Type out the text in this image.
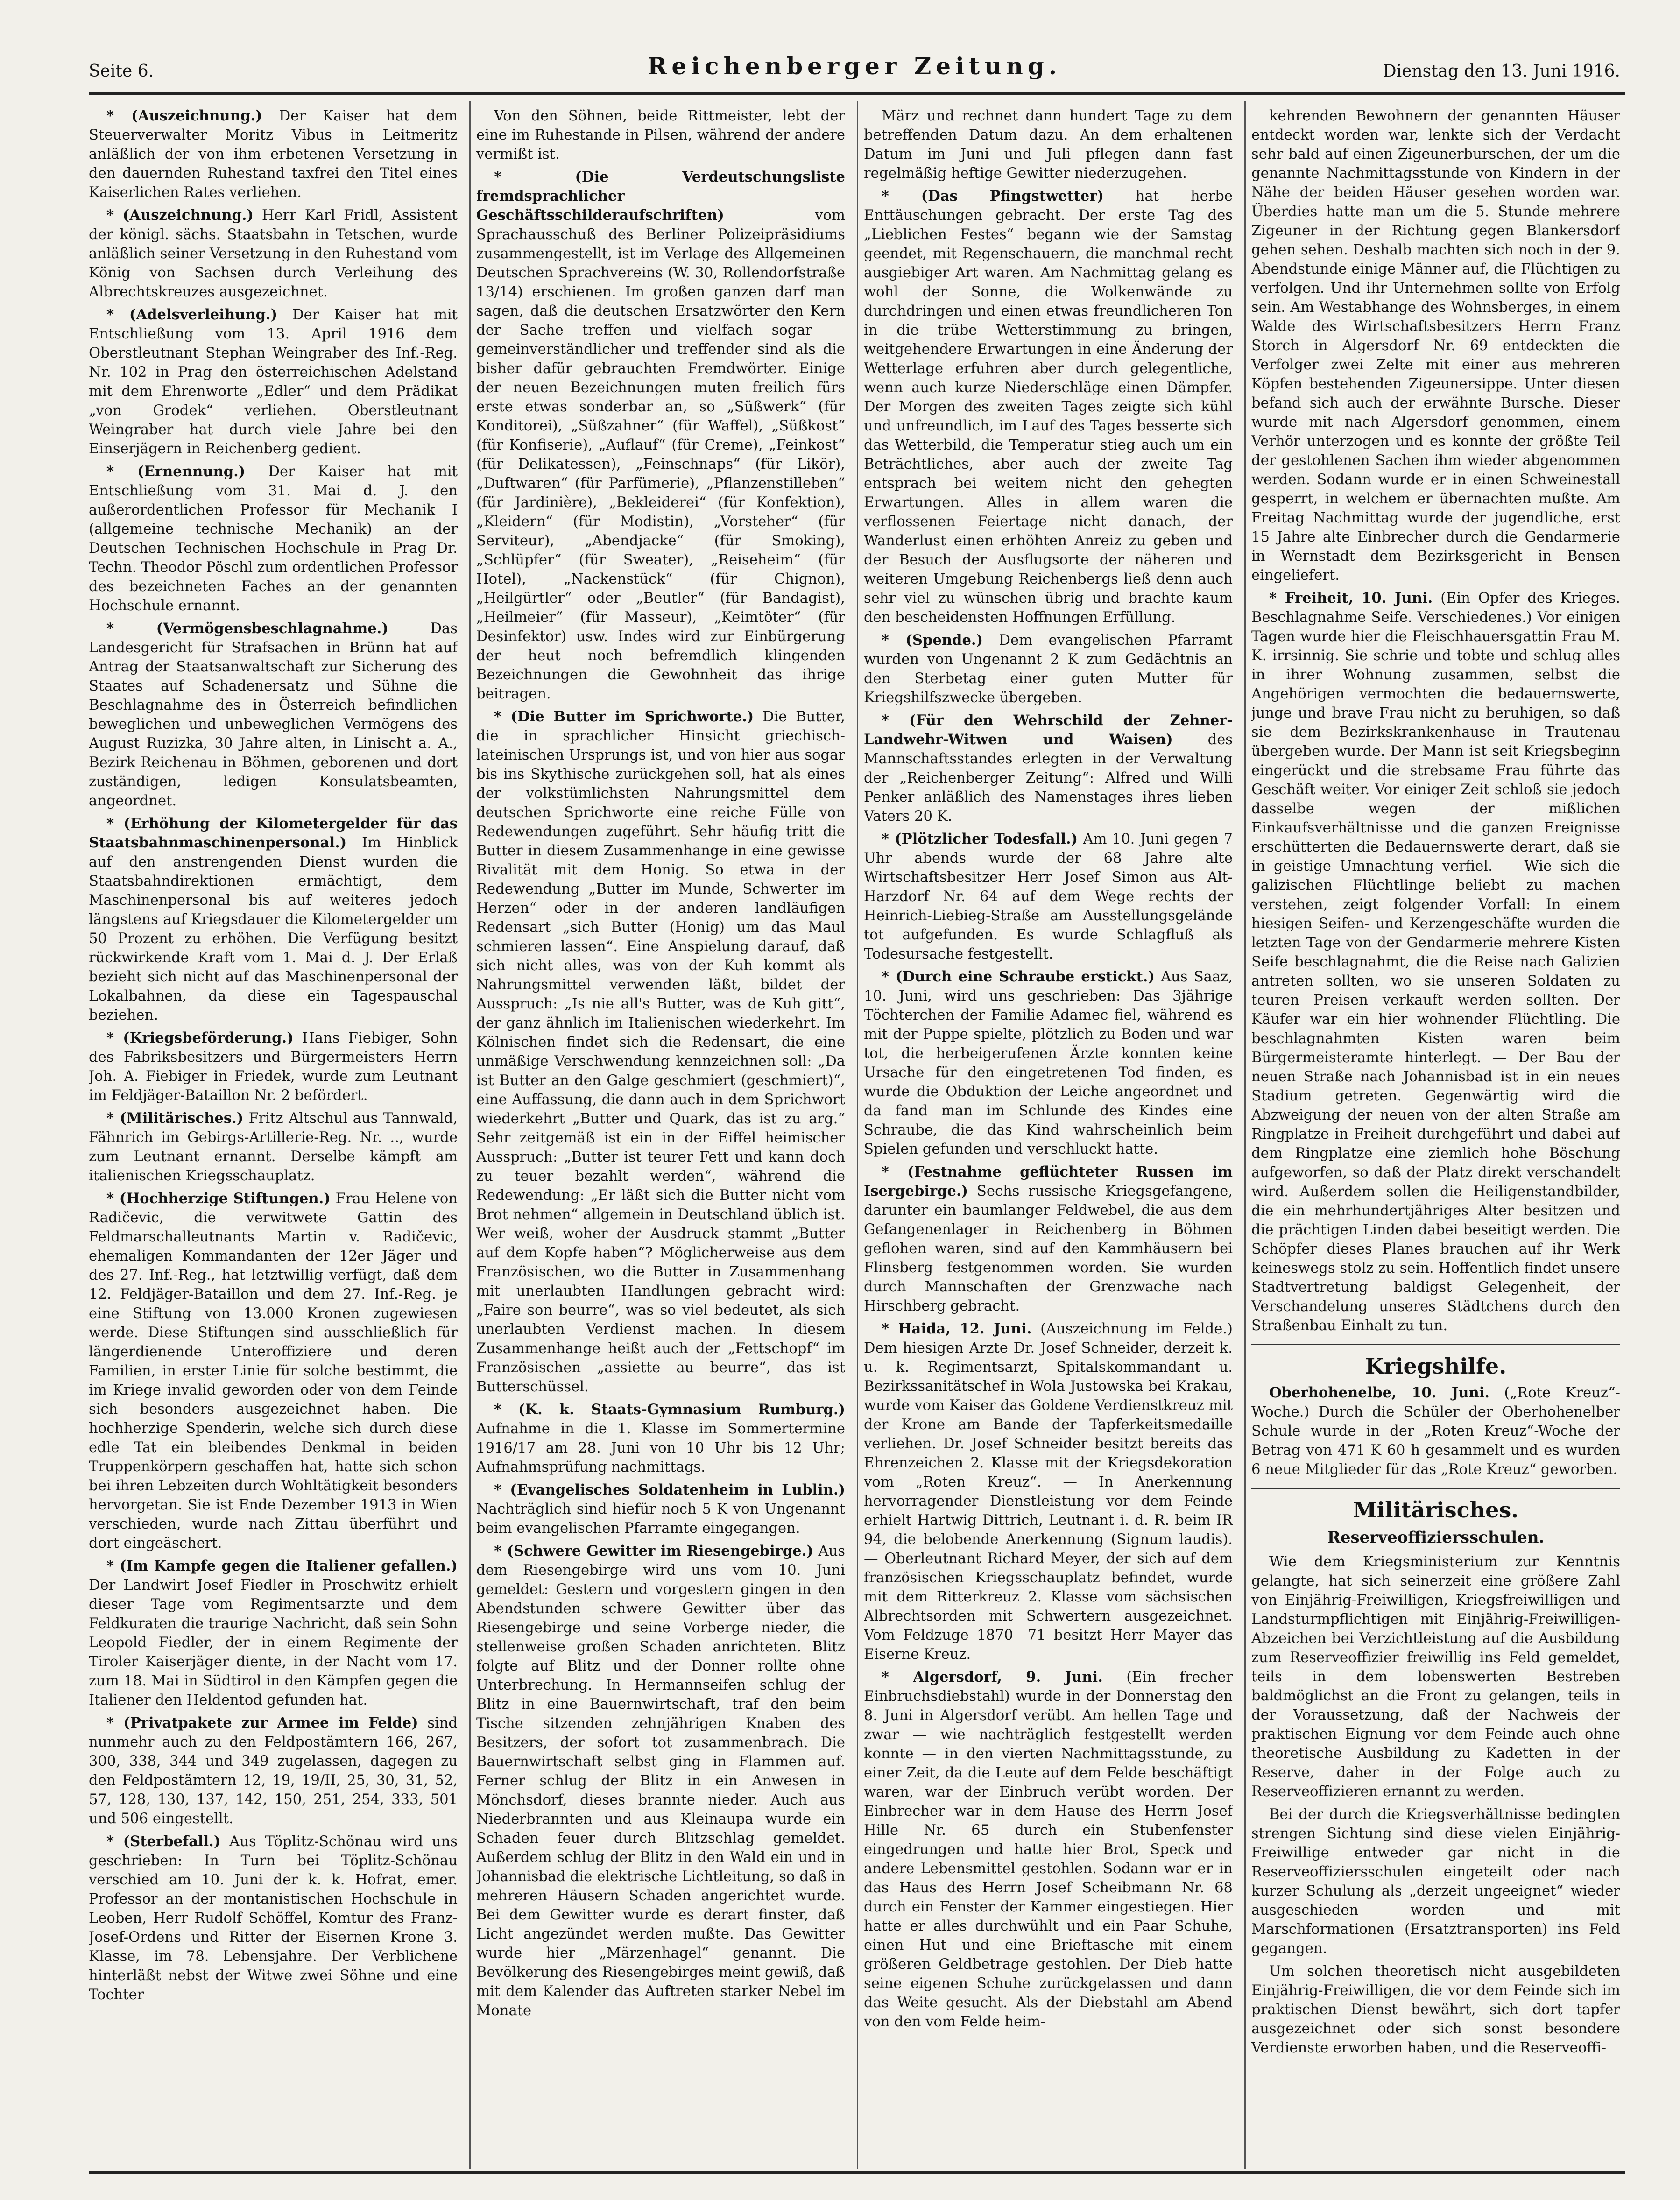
Seite 6.	Reichenberger Zeitung.	Dienstag den 13. Juni 1916.

* (Auszeichnung.) Der Kaiser hat dem Steuerverwalter Moritz Vibus in Leitmeritz anläßlich der von ihm erbetenen Versetzung in den dauernden Ruhestand taxfrei den Titel eines Kaiserlichen Rates verliehen.

* (Auszeichnung.) Herr Karl Fridl, Assistent der königl. sächs. Staatsbahn in Tetschen, wurde anläßlich seiner Versetzung in den Ruhestand vom König von Sachsen durch Verleihung des Albrechtskreuzes ausgezeichnet.

* (Adelsverleihung.) Der Kaiser hat mit Entschließung vom 13. April 1916 dem Oberstleutnant Stephan Weingraber des Inf.-Reg. Nr. 102 in Prag den österreichischen Adelstand mit dem Ehrenworte „Edler“ und dem Prädikat „von Grodek“ verliehen. Oberstleutnant Weingraber hat durch viele Jahre bei den Einserjägern in Reichenberg gedient.

* (Ernennung.) Der Kaiser hat mit Entschließung vom 31. Mai d. J. den außerordentlichen Professor für Mechanik I (allgemeine technische Mechanik) an der Deutschen Technischen Hochschule in Prag Dr. Techn. Theodor Pöschl zum ordentlichen Professor des bezeichneten Faches an der genannten Hochschule ernannt.

* (Vermögensbeschlagnahme.)	Das Landesgericht für Strafsachen in Brünn hat auf Antrag der Staatsanwaltschaft zur Sicherung des Staates auf Schadenersatz und Sühne die Beschlagnahme des in Österreich befindlichen beweglichen und unbeweglichen Vermögens des August Ruzizka, 30 Jahre alten, in Linischt a. A., Bezirk Reichenau in Böhmen, geborenen und dort zuständigen, ledigen Konsulatsbeamten, angeordnet.

* (Erhöhung der Kilometergelder für das Staatsbahnmaschinenpersonal.) Im Hinblick auf den anstrengenden Dienst wurden die Staatsbahndirektionen ermächtigt, dem Maschinenpersonal bis auf weiteres jedoch längstens auf Kriegsdauer die Kilometergelder um 50 Prozent zu erhöhen. Die Verfügung besitzt rückwirkende Kraft vom 1. Mai d. J. Der Erlaß bezieht sich nicht auf das Maschinenpersonal der Lokalbahnen, da diese ein Tagespauschal beziehen.

* (Kriegsbeförderung.) Hans Fiebiger, Sohn des Fabriksbesitzers und Bürgermeisters Herrn Joh. A. Fiebiger in Friedek, wurde zum Leutnant im Feldjäger-Bataillon Nr. 2 befördert.

* (Militärisches.) Fritz Altschul aus Tannwald, Fähnrich im Gebirgs-Artillerie-Reg. Nr. .., wurde zum Leutnant ernannt. Derselbe kämpft am italienischen Kriegsschauplatz.

* (Hochherzige Stiftungen.) Frau Helene von Radičevic, die verwitwete Gattin des Feldmarschalleutnants Martin v. Radičevic, ehemaligen Kommandanten der 12er Jäger und des 27. Inf.-Reg., hat letztwillig verfügt, daß dem 12. Feldjäger-Bataillon und dem 27. Inf.-Reg. je eine Stiftung von 13.000 Kronen zugewiesen werde. Diese Stiftungen sind ausschließlich für längerdienende Unteroffiziere und deren Familien, in erster Linie für solche bestimmt, die im Kriege invalid geworden oder von dem Feinde sich besonders ausgezeichnet haben. Die hochherzige Spenderin, welche sich durch diese edle Tat ein bleibendes Denkmal in beiden Truppenkörpern geschaffen hat, hatte sich schon bei ihren Lebzeiten durch Wohltätigkeit besonders hervorgetan. Sie ist Ende Dezember 1913 in Wien verschieden, wurde nach Zittau überführt und dort eingeäschert.

* (Im Kampfe gegen die Italiener gefallen.) Der Landwirt Josef Fiedler in Proschwitz erhielt dieser Tage vom Regimentsarzte und dem Feldkuraten die traurige Nachricht, daß sein Sohn Leopold Fiedler, der in einem Regimente der Tiroler Kaiserjäger diente, in der Nacht vom 17. zum 18. Mai in Südtirol in den Kämpfen gegen die Italiener den Heldentod gefunden hat.

* (Privatpakete zur Armee im Felde) sind nunmehr auch zu den Feldpostämtern 166, 267, 300, 338, 344 und 349 zugelassen, dagegen zu den Feldpostämtern 12, 19, 19/II, 25, 30, 31, 52, 57, 128, 130, 137, 142, 150, 251, 254, 333, 501 und 506 eingestellt.

* (Sterbefall.) Aus Töplitz-Schönau wird uns geschrieben: In Turn bei Töplitz-Schönau verschied am 10. Juni der k. k. Hofrat, emer. Professor an der montanistischen Hochschule in Leoben, Herr Rudolf Schöffel, Komtur des Franz-Josef-Ordens und Ritter der Eisernen Krone 3. Klasse, im 78. Lebensjahre. Der Verblichene hinterläßt nebst der Witwe zwei Söhne und eine Tochter

Von den Söhnen, beide Rittmeister, lebt der eine im Ruhestande in Pilsen, während der andere vermißt ist.

* (Die Verdeutschungsliste fremdsprachlicher Geschäftsschilderaufschriften)	vom Sprachausschuß des Berliner Polizeipräsidiums zusammengestellt, ist im Verlage des Allgemeinen Deutschen Sprachvereins (W. 30, Rollendorfstraße 13/14) erschienen. Im großen ganzen darf man sagen, daß die deutschen Ersatzwörter den Kern der Sache treffen und vielfach sogar — gemeinverständlicher und treffender sind als die bisher dafür gebrauchten Fremdwörter. Einige der neuen Bezeichnungen muten freilich fürs erste etwas sonderbar an, so „Süßwerk“ (für Konditorei), „Süßzahner“ (für Waffel), „Süßkost“ (für Konfiserie), „Auflauf“ (für Creme), „Feinkost“ (für Delikatessen), „Feinschnaps“ (für Likör), „Duftwaren“ (für Parfümerie), „Pflanzenstilleben“ (für Jardinière), „Bekleiderei“ (für Konfektion), „Kleidern“ (für Modistin), „Vorsteher“ (für Serviteur), „Abendjacke“ (für Smoking), „Schlüpfer“ (für Sweater), „Reiseheim“ (für Hotel), „Nackenstück“ (für Chignon), „Heilgürtler“ oder „Beutler“ (für Bandagist), „Heilmeier“ (für Masseur), „Keimtöter“ (für Desinfektor) usw. Indes wird zur Einbürgerung der heut noch befremdlich klingenden Bezeichnungen die Gewohnheit das ihrige beitragen.

* (Die Butter im Sprichworte.) Die Butter, die in sprachlicher Hinsicht griechisch-lateinischen Ursprungs ist, und von hier aus sogar bis ins Skythische zurückgehen soll, hat als eines der volkstümlichsten Nahrungsmittel dem deutschen Sprichworte eine reiche Fülle von Redewendungen zugeführt. Sehr häufig tritt die Butter in diesem Zusammenhange in eine gewisse Rivalität mit dem Honig. So etwa in der Redewendung „Butter im Munde, Schwerter im Herzen“ oder in der anderen landläufigen Redensart „sich Butter (Honig) um das Maul schmieren lassen“. Eine Anspielung darauf, daß sich nicht alles, was von der Kuh kommt als Nahrungsmittel verwenden läßt, bildet der Ausspruch: „Is nie all's Butter, was de Kuh gitt“, der ganz ähnlich im Italienischen wiederkehrt. Im Kölnischen findet sich die Redensart, die eine unmäßige Verschwendung kennzeichnen soll: „Da ist Butter an den Galge geschmiert (geschmiert)“, eine Auffassung, die dann auch in dem Sprichwort wiederkehrt „Butter und Quark, das ist zu arg.“ Sehr zeitgemäß ist ein in der Eiffel heimischer Ausspruch: „Butter ist teurer Fett und kann doch zu teuer bezahlt werden“, während die Redewendung: „Er läßt sich die Butter nicht vom Brot nehmen“ allgemein in Deutschland üblich ist. Wer weiß, woher der Ausdruck stammt „Butter auf dem Kopfe haben“? Möglicherweise aus dem Französischen, wo die Butter in Zusammenhang mit unerlaubten Handlungen gebracht wird: „Faire son beurre“, was so viel bedeutet, als sich unerlaubten Verdienst machen. In diesem Zusammenhange heißt auch der „Fettschopf“ im Französischen „assiette au beurre“, das ist Butterschüssel.

* (K. k. Staats-Gymnasium Rumburg.) Aufnahme in die 1. Klasse im Sommertermine 1916/17 am 28. Juni von 10 Uhr bis 12 Uhr; Aufnahmsprüfung nachmittags.

* (Evangelisches Soldatenheim in Lublin.) Nachträglich sind hiefür noch 5 K von Ungenannt beim evangelischen Pfarramte eingegangen.

* (Schwere Gewitter im Riesengebirge.) Aus dem Riesengebirge wird uns vom 10. Juni gemeldet: Gestern und vorgestern gingen in den Abendstunden schwere Gewitter über das Riesengebirge und seine Vorberge nieder, die stellenweise großen Schaden anrichteten. Blitz folgte auf Blitz und der Donner rollte ohne Unterbrechung. In Hermannseifen schlug der Blitz in eine Bauernwirtschaft, traf den beim Tische sitzenden zehnjährigen Knaben des Besitzers, der sofort tot zusammenbrach. Die Bauernwirtschaft selbst ging in Flammen auf. Ferner schlug der Blitz in ein Anwesen in Mönchsdorf, dieses brannte nieder. Auch aus Niederbrannten und aus Kleinaupa wurde ein Schaden feuer durch Blitzschlag gemeldet. Außerdem schlug der Blitz in den Wald ein und in Johannisbad die elektrische Lichtleitung, so daß in mehreren Häusern Schaden angerichtet wurde. Bei dem Gewitter wurde es derart finster, daß Licht angezündet werden mußte. Das Gewitter wurde hier „Märzenhagel“ genannt. Die Bevölkerung des Riesengebirges meint gewiß, daß mit dem Kalender das Auftreten starker Nebel im Monate

März und rechnet dann hundert Tage zu dem betreffenden Datum dazu. An dem erhaltenen Datum im Juni und Juli pflegen dann fast regelmäßig heftige Gewitter niederzugehen.

* (Das Pfingstwetter) hat herbe Enttäuschungen gebracht. Der erste Tag des „Lieblichen Festes“ begann wie der Samstag geendet, mit Regenschauern, die manchmal recht ausgiebiger Art waren. Am Nachmittag gelang es wohl der Sonne, die Wolkenwände zu durchdringen und einen etwas freundlicheren Ton in die trübe Wetterstimmung zu bringen, weitgehendere Erwartungen in eine Änderung der Wetterlage erfuhren aber durch gelegentliche, wenn auch kurze Niederschläge einen Dämpfer. Der Morgen des zweiten Tages zeigte sich kühl und unfreundlich, im Lauf des Tages besserte sich das Wetterbild, die Temperatur stieg auch um ein Beträchtliches, aber auch der zweite Tag entsprach bei weitem nicht den gehegten Erwartungen. Alles in allem waren die verflossenen Feiertage nicht danach, der Wanderlust einen erhöhten Anreiz zu geben und der Besuch der Ausflugsorte der näheren und weiteren Umgebung Reichenbergs ließ denn auch sehr viel zu wünschen übrig und brachte kaum den bescheidensten Hoffnungen Erfüllung.

* (Spende.) Dem evangelischen Pfarramt wurden von Ungenannt 2 K zum Gedächtnis an den Sterbetag einer guten Mutter für Kriegshilfszwecke übergeben.

* (Für den Wehrschild der Zehner-Landwehr-Witwen und Waisen) des Mannschaftsstandes erlegten in der Verwaltung der „Reichenberger Zeitung“: Alfred und Willi Penker anläßlich des Namenstages ihres lieben Vaters 20 K.

* (Plötzlicher Todesfall.) Am 10. Juni gegen 7 Uhr abends wurde der 68 Jahre alte Wirtschaftsbesitzer Herr Josef Simon aus Alt-Harzdorf Nr. 64 auf dem Wege rechts der Heinrich-Liebieg-Straße am Ausstellungsgelände tot aufgefunden. Es wurde Schlagfluß als Todesursache festgestellt.

* (Durch eine Schraube erstickt.) Aus Saaz, 10. Juni, wird uns geschrieben: Das 3jährige Töchterchen der Familie Adamec fiel, während es mit der Puppe spielte, plötzlich zu Boden und war tot, die herbeigerufenen Ärzte konnten keine Ursache für den eingetretenen Tod finden, es wurde die Obduktion der Leiche angeordnet und da fand man im Schlunde des Kindes eine Schraube, die das Kind wahrscheinlich beim Spielen gefunden und verschluckt hatte.

* (Festnahme geflüchteter Russen im Isergebirge.) Sechs russische Kriegsgefangene, darunter ein baumlanger Feldwebel, die aus dem Gefangenenlager in Reichenberg in Böhmen geflohen waren, sind auf den Kammhäusern bei Flinsberg festgenommen worden. Sie wurden durch Mannschaften der Grenzwache nach Hirschberg gebracht.

* Haida, 12. Juni. (Auszeichnung im Felde.) Dem hiesigen Arzte Dr. Josef Schneider, derzeit k. u. k. Regimentsarzt, Spitalskommandant u. Bezirkssanitätschef in Wola Justowska bei Krakau, wurde vom Kaiser das Goldene Verdienstkreuz mit der Krone am Bande der Tapferkeitsmedaille verliehen. Dr. Josef Schneider besitzt bereits das Ehrenzeichen 2. Klasse mit der Kriegsdekoration vom „Roten Kreuz“. — In Anerkennung hervorragender Dienstleistung vor dem Feinde erhielt Hartwig Dittrich, Leutnant i. d. R. beim IR 94, die belobende Anerkennung (Signum laudis). — Oberleutnant Richard Meyer, der sich auf dem französischen Kriegsschauplatz befindet, wurde mit dem Ritterkreuz 2. Klasse vom sächsischen Albrechtsorden mit Schwertern ausgezeichnet. Vom Feldzuge 1870—71 besitzt Herr Mayer das Eiserne Kreuz.

* Algersdorf, 9. Juni. (Ein frecher Einbruchsdiebstahl) wurde in der Donnerstag den 8. Juni in Algersdorf verübt. Am hellen Tage und zwar — wie nachträglich festgestellt werden konnte — in den vierten Nachmittagsstunde, zu einer Zeit, da die Leute auf dem Felde beschäftigt waren, war der Einbruch verübt worden. Der Einbrecher war in dem Hause des Herrn Josef Hille Nr. 65 durch ein Stubenfenster eingedrungen und hatte hier Brot, Speck und andere Lebensmittel gestohlen. Sodann war er in das Haus des Herrn Josef Scheibmann Nr. 68 durch ein Fenster der Kammer eingestiegen. Hier hatte er alles durchwühlt und ein Paar Schuhe, einen Hut und eine Brieftasche mit einem größeren Geldbetrage gestohlen. Der Dieb hatte seine eigenen Schuhe zurückgelassen und dann das Weite gesucht. Als der Diebstahl am Abend von den vom Felde heim-

kehrenden Bewohnern der genannten Häuser entdeckt worden war, lenkte sich der Verdacht sehr bald auf einen Zigeunerburschen, der um die genannte Nachmittagsstunde von Kindern in der Nähe der beiden Häuser gesehen worden war. Überdies hatte man um die 5. Stunde mehrere Zigeuner in der Richtung gegen Blankersdorf gehen sehen. Deshalb machten sich noch in der 9. Abendstunde einige Männer auf, die Flüchtigen zu verfolgen. Und ihr Unternehmen sollte von Erfolg sein. Am Westabhange des Wohnsberges, in einem Walde des Wirtschaftsbesitzers Herrn Franz Storch in Algersdorf Nr. 69 entdeckten die Verfolger zwei Zelte mit einer aus mehreren Köpfen bestehenden Zigeunersippe. Unter diesen befand sich auch der erwähnte Bursche. Dieser wurde mit nach Algersdorf genommen, einem Verhör unterzogen und es konnte der größte Teil der gestohlenen Sachen ihm wieder abgenommen werden. Sodann wurde er in einen Schweinestall gesperrt, in welchem er übernachten mußte. Am Freitag Nachmittag wurde der jugendliche, erst 15 Jahre alte Einbrecher durch die Gendarmerie in Wernstadt dem Bezirksgericht in Bensen eingeliefert.

* Freiheit, 10. Juni. (Ein Opfer des Krieges. Beschlagnahme Seife. Verschiedenes.) Vor einigen Tagen wurde hier die Fleischhauersgattin Frau M. K. irrsinnig. Sie schrie und tobte und schlug alles in ihrer Wohnung zusammen, selbst die Angehörigen vermochten die bedauernswerte, junge und brave Frau nicht zu beruhigen, so daß sie dem Bezirkskrankenhause in Trautenau übergeben wurde. Der Mann ist seit Kriegsbeginn eingerückt und die strebsame Frau führte das Geschäft weiter. Vor einiger Zeit schloß sie jedoch dasselbe wegen der mißlichen Einkaufsverhältnisse und die ganzen Ereignisse erschütterten die Bedauernswerte derart, daß sie in geistige Umnachtung verfiel. — Wie sich die galizischen Flüchtlinge beliebt zu machen verstehen, zeigt folgender Vorfall: In einem hiesigen Seifen- und Kerzengeschäfte wurden die letzten Tage von der Gendarmerie mehrere Kisten Seife beschlagnahmt, die die Reise nach Galizien antreten sollten, wo sie unseren Soldaten zu teuren Preisen verkauft werden sollten. Der Käufer war ein hier wohnender Flüchtling. Die beschlagnahmten Kisten waren beim Bürgermeisteramte hinterlegt. — Der Bau der neuen Straße nach Johannisbad ist in ein neues Stadium getreten. Gegenwärtig wird die Abzweigung der neuen von der alten Straße am Ringplatze in Freiheit durchgeführt und dabei auf dem Ringplatze eine ziemlich hohe Böschung aufgeworfen, so daß der Platz direkt verschandelt wird. Außerdem sollen die Heiligenstandbilder, die ein mehrhundertjähriges Alter besitzen und die prächtigen Linden dabei beseitigt werden. Die Schöpfer dieses Planes brauchen auf ihr Werk keineswegs stolz zu sein. Hoffentlich findet unsere Stadtvertretung baldigst Gelegenheit, der Verschandelung unseres Städtchens durch den Straßenbau Einhalt zu tun.

Kriegshilfe.

Oberhohenelbe, 10. Juni. („Rote Kreuz“-Woche.) Durch die Schüler der Oberhohenelber Schule wurde in der „Roten Kreuz“-Woche der Betrag von 471 K 60 h gesammelt und es wurden 6 neue Mitglieder für das „Rote Kreuz“ geworben.

Militärisches.
Reserveoffiziersschulen.

Wie dem Kriegsministerium zur Kenntnis gelangte, hat sich seinerzeit eine größere Zahl von Einjährig-Freiwilligen, Kriegsfreiwilligen und Landsturmpflichtigen mit Einjährig-Freiwilligen-Abzeichen bei Verzichtleistung auf die Ausbildung zum Reserveoffizier freiwillig ins Feld gemeldet, teils in dem lobenswerten Bestreben baldmöglichst an die Front zu gelangen, teils in der Voraussetzung, daß der Nachweis der praktischen Eignung vor dem Feinde auch ohne theoretische Ausbildung zu Kadetten in der Reserve, daher in der Folge auch zu Reserveoffizieren ernannt zu werden.

Bei der durch die Kriegsverhältnisse bedingten strengen Sichtung sind diese vielen Einjährig-Freiwillige entweder gar nicht in die Reserveoffiziersschulen eingeteilt oder nach kurzer Schulung als „derzeit ungeeignet“ wieder ausgeschieden worden und mit Marschformationen (Ersatztransporten) ins Feld gegangen.

Um solchen theoretisch nicht ausgebildeten Einjährig-Freiwilligen, die vor dem Feinde sich im praktischen Dienst bewährt, sich dort tapfer ausgezeichnet oder sich sonst besondere Verdienste erworben haben, und die Reserveoffi-
